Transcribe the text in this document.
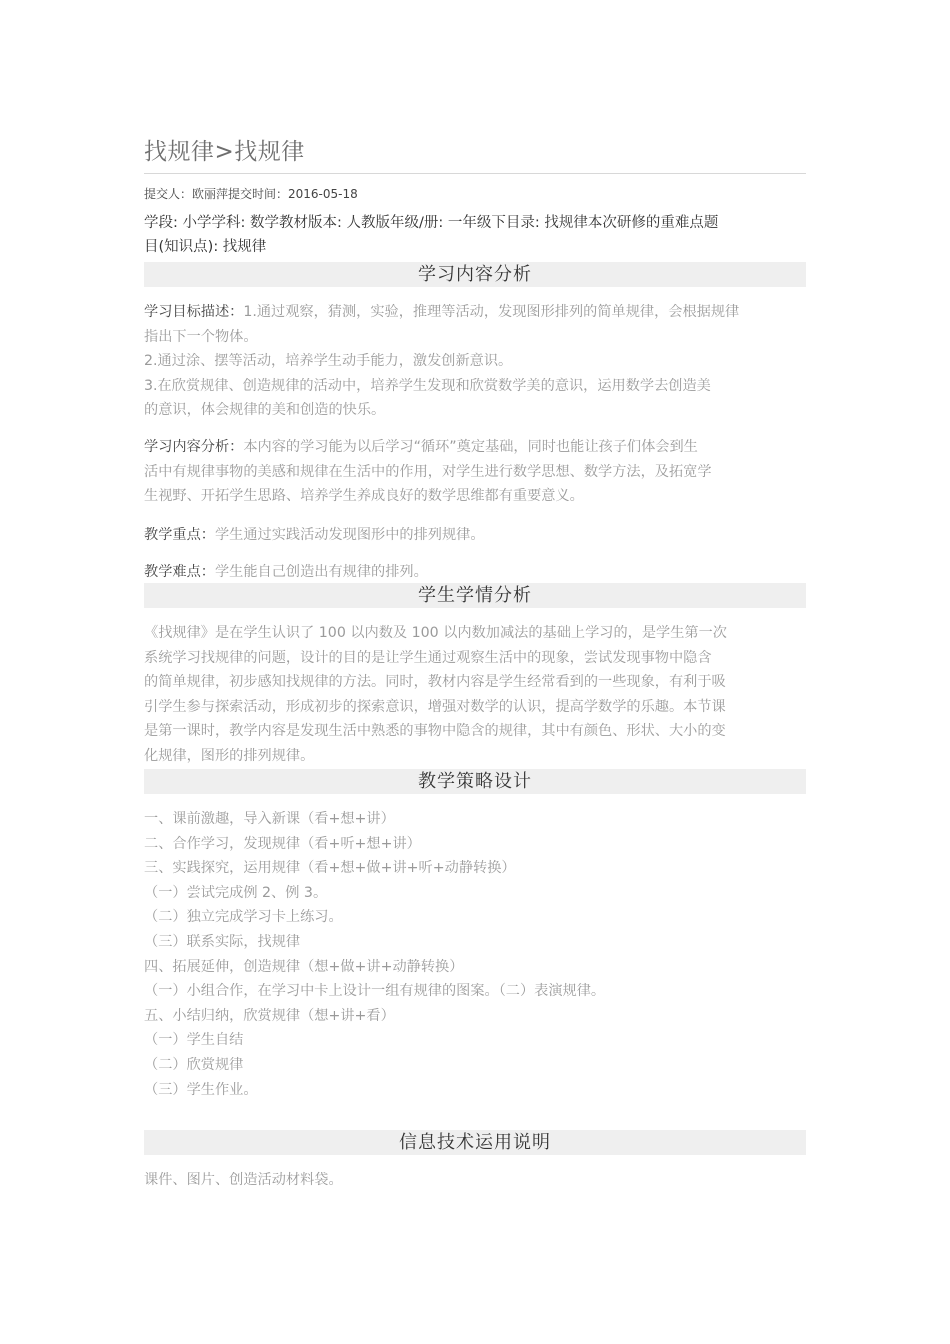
找规律>找规律
提交人：欧丽萍提交时间：2016-05-18
学段: 小学学科: 数学教材版本: 人教版年级/册: 一年级下目录: 找规律本次研修的重难点题
目(知识点): 找规律
学习内容分析
学习目标描述：1.通过观察，猜测，实验，推理等活动，发现图形排列的简单规律，会根据规律
指出下一个物体。
2.通过涂、摆等活动，培养学生动手能力，激发创新意识。
3.在欣赏规律、创造规律的活动中，培养学生发现和欣赏数学美的意识，运用数学去创造美
的意识，体会规律的美和创造的快乐。
学习内容分析：本内容的学习能为以后学习“循环”奠定基础，同时也能让孩子们体会到生
活中有规律事物的美感和规律在生活中的作用，对学生进行数学思想、数学方法，及拓宽学
生视野、开拓学生思路、培养学生养成良好的数学思维都有重要意义。
教学重点：学生通过实践活动发现图形中的排列规律。
教学难点：学生能自己创造出有规律的排列。
学生学情分析
《找规律》是在学生认识了 100 以内数及 100 以内数加减法的基础上学习的，是学生第一次
系统学习找规律的问题，设计的目的是让学生通过观察生活中的现象，尝试发现事物中隐含
的简单规律，初步感知找规律的方法。同时，教材内容是学生经常看到的一些现象，有利于吸
引学生参与探索活动，形成初步的探索意识，增强对数学的认识，提高学数学的乐趣。本节课
是第一课时，教学内容是发现生活中熟悉的事物中隐含的规律，其中有颜色、形状、大小的变
化规律，图形的排列规律。
教学策略设计
一、课前激趣，导入新课（看+想+讲）
二、合作学习，发现规律（看+听+想+讲）
三、实践探究，运用规律（看+想+做+讲+听+动静转换）
（一）尝试完成例 2、例 3。
（二）独立完成学习卡上练习。
（三）联系实际，找规律
四、拓展延伸，创造规律（想+做+讲+动静转换）
（一）小组合作，在学习中卡上设计一组有规律的图案。（二）表演规律。
五、小结归纳，欣赏规律（想+讲+看）
（一）学生自结
（二）欣赏规律
（三）学生作业。
信息技术运用说明
课件、图片、创造活动材料袋。
